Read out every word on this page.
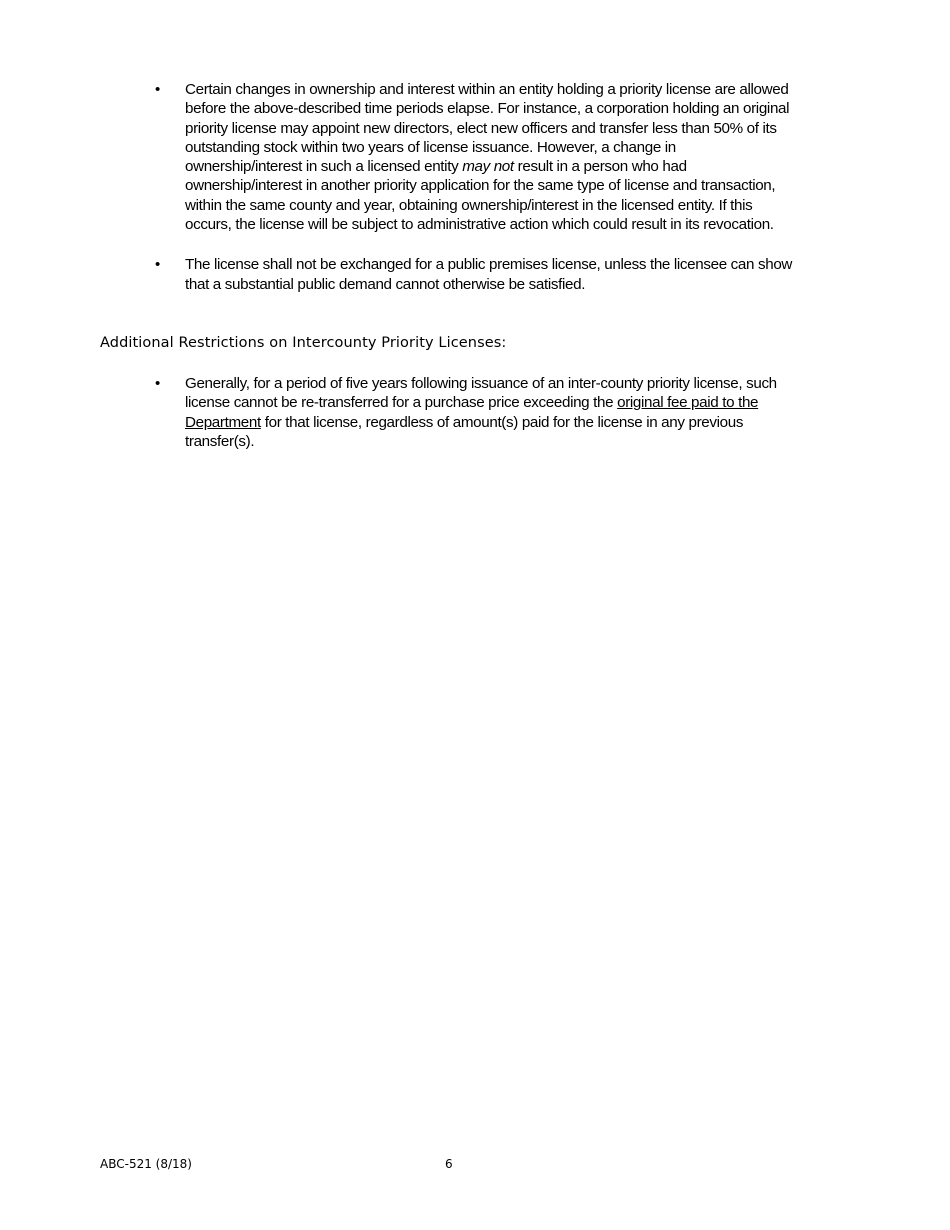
•	Certain changes in ownership and interest within an entity holding a priority license are allowed
before the above-described time periods elapse. For instance, a corporation holding an original
priority license may appoint new directors, elect new officers and transfer less than 50% of its
outstanding stock within two years of license issuance. However, a change in
ownership/interest in such a licensed entity may not result in a person who had
ownership/interest in another priority application for the same type of license and transaction,
within the same county and year, obtaining ownership/interest in the licensed entity. If this
occurs, the license will be subject to administrative action which could result in its revocation.
•	The license shall not be exchanged for a public premises license, unless the licensee can show
that a substantial public demand cannot otherwise be satisfied.
Additional Restrictions on Intercounty Priority Licenses:
•	Generally, for a period of five years following issuance of an inter-county priority license, such
license cannot be re-transferred for a purchase price exceeding the original fee paid to the
Department for that license, regardless of amount(s) paid for the license in any previous
transfer(s).
ABC-521 (8/18)	6
